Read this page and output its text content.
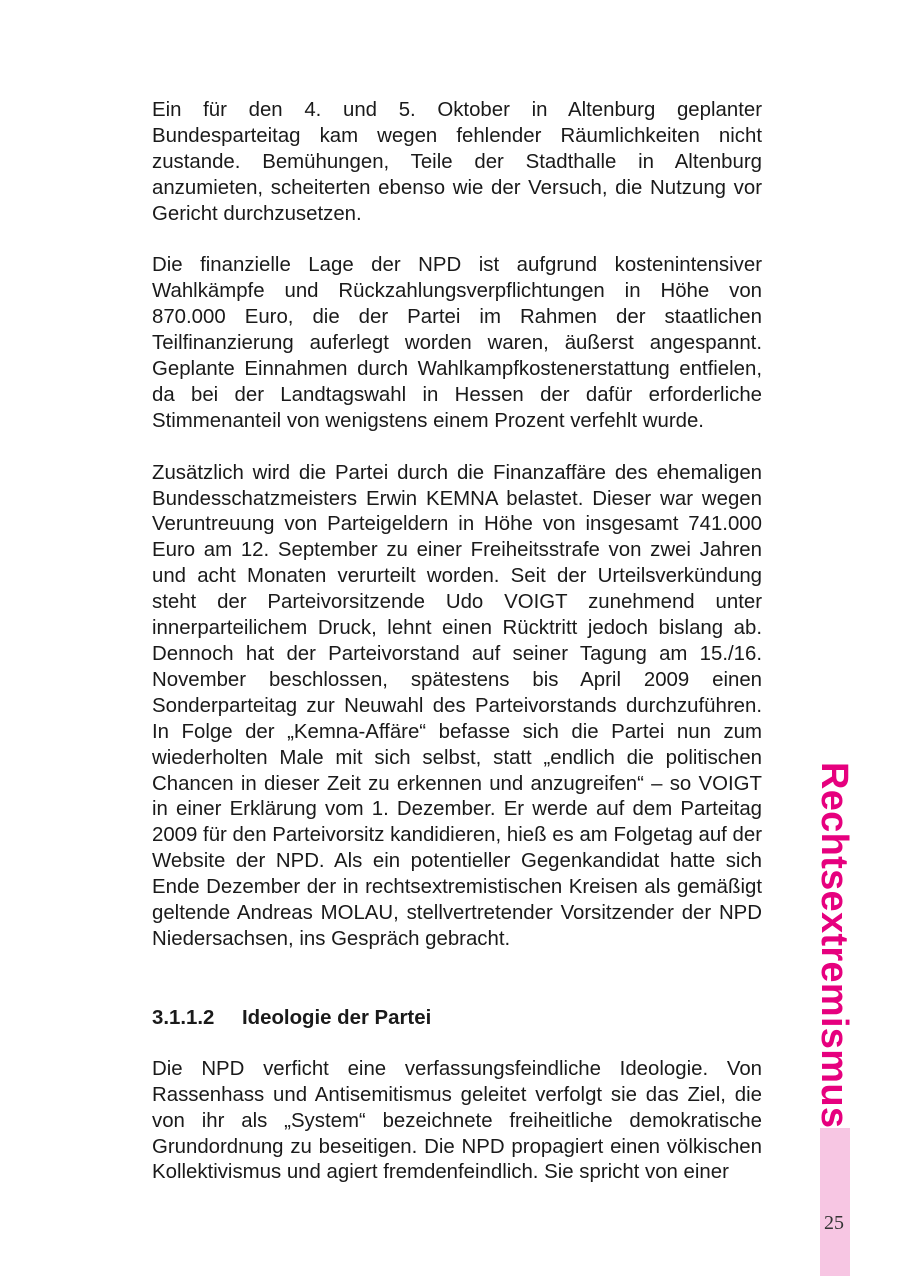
Ein für den 4. und 5. Oktober in Altenburg geplanter Bundesparteitag kam wegen fehlender Räumlichkeiten nicht zustande. Bemühungen, Teile der Stadthalle in Altenburg anzumieten, scheiterten ebenso wie der Versuch, die Nutzung vor Gericht durchzusetzen.

Die finanzielle Lage der NPD ist aufgrund kostenintensiver Wahlkämpfe und Rückzahlungsverpflichtungen in Höhe von 870.000 Euro, die der Partei im Rahmen der staatlichen Teilfinanzierung auferlegt worden waren, äußerst angespannt. Geplante Einnahmen durch Wahlkampfkostenerstattung entfielen, da bei der Landtagswahl in Hessen der dafür erforderliche Stimmenanteil von wenigstens einem Prozent verfehlt wurde.

Zusätzlich wird die Partei durch die Finanzaffäre des ehemaligen Bundesschatzmeisters Erwin KEMNA belastet. Dieser war wegen Veruntreuung von Parteigeldern in Höhe von insgesamt 741.000 Euro am 12. September zu einer Freiheitsstrafe von zwei Jahren und acht Monaten verurteilt worden. Seit der Urteilsverkündung steht der Parteivorsitzende Udo VOIGT zunehmend unter innerparteilichem Druck, lehnt einen Rücktritt jedoch bislang ab. Dennoch hat der Parteivorstand auf seiner Tagung am 15./16. November beschlossen, spätestens bis April 2009 einen Sonderparteitag zur Neuwahl des Parteivorstands durchzuführen. In Folge der „Kemna-Affäre“ befasse sich die Partei nun zum wiederholten Male mit sich selbst, statt „endlich die politischen Chancen in dieser Zeit zu erkennen und anzugreifen“ – so VOIGT in einer Erklärung vom 1. Dezember. Er werde auf dem Parteitag 2009 für den Parteivorsitz kandidieren, hieß es am Folgetag auf der Website der NPD. Als ein potentieller Gegenkandidat hatte sich Ende Dezember der in rechtsextremistischen Kreisen als gemäßigt geltende Andreas MOLAU, stellvertretender Vorsitzender der NPD Niedersachsen, ins Gespräch gebracht.

3.1.1.2 Ideologie der Partei

Die NPD verficht eine verfassungsfeindliche Ideologie. Von Rassenhass und Antisemitismus geleitet verfolgt sie das Ziel, die von ihr als „System“ bezeichnete freiheitliche demokratische Grundordnung zu beseitigen. Die NPD propagiert einen völkischen Kollektivismus und agiert fremdenfeindlich. Sie spricht von einer

Rechtsextremismus
25
